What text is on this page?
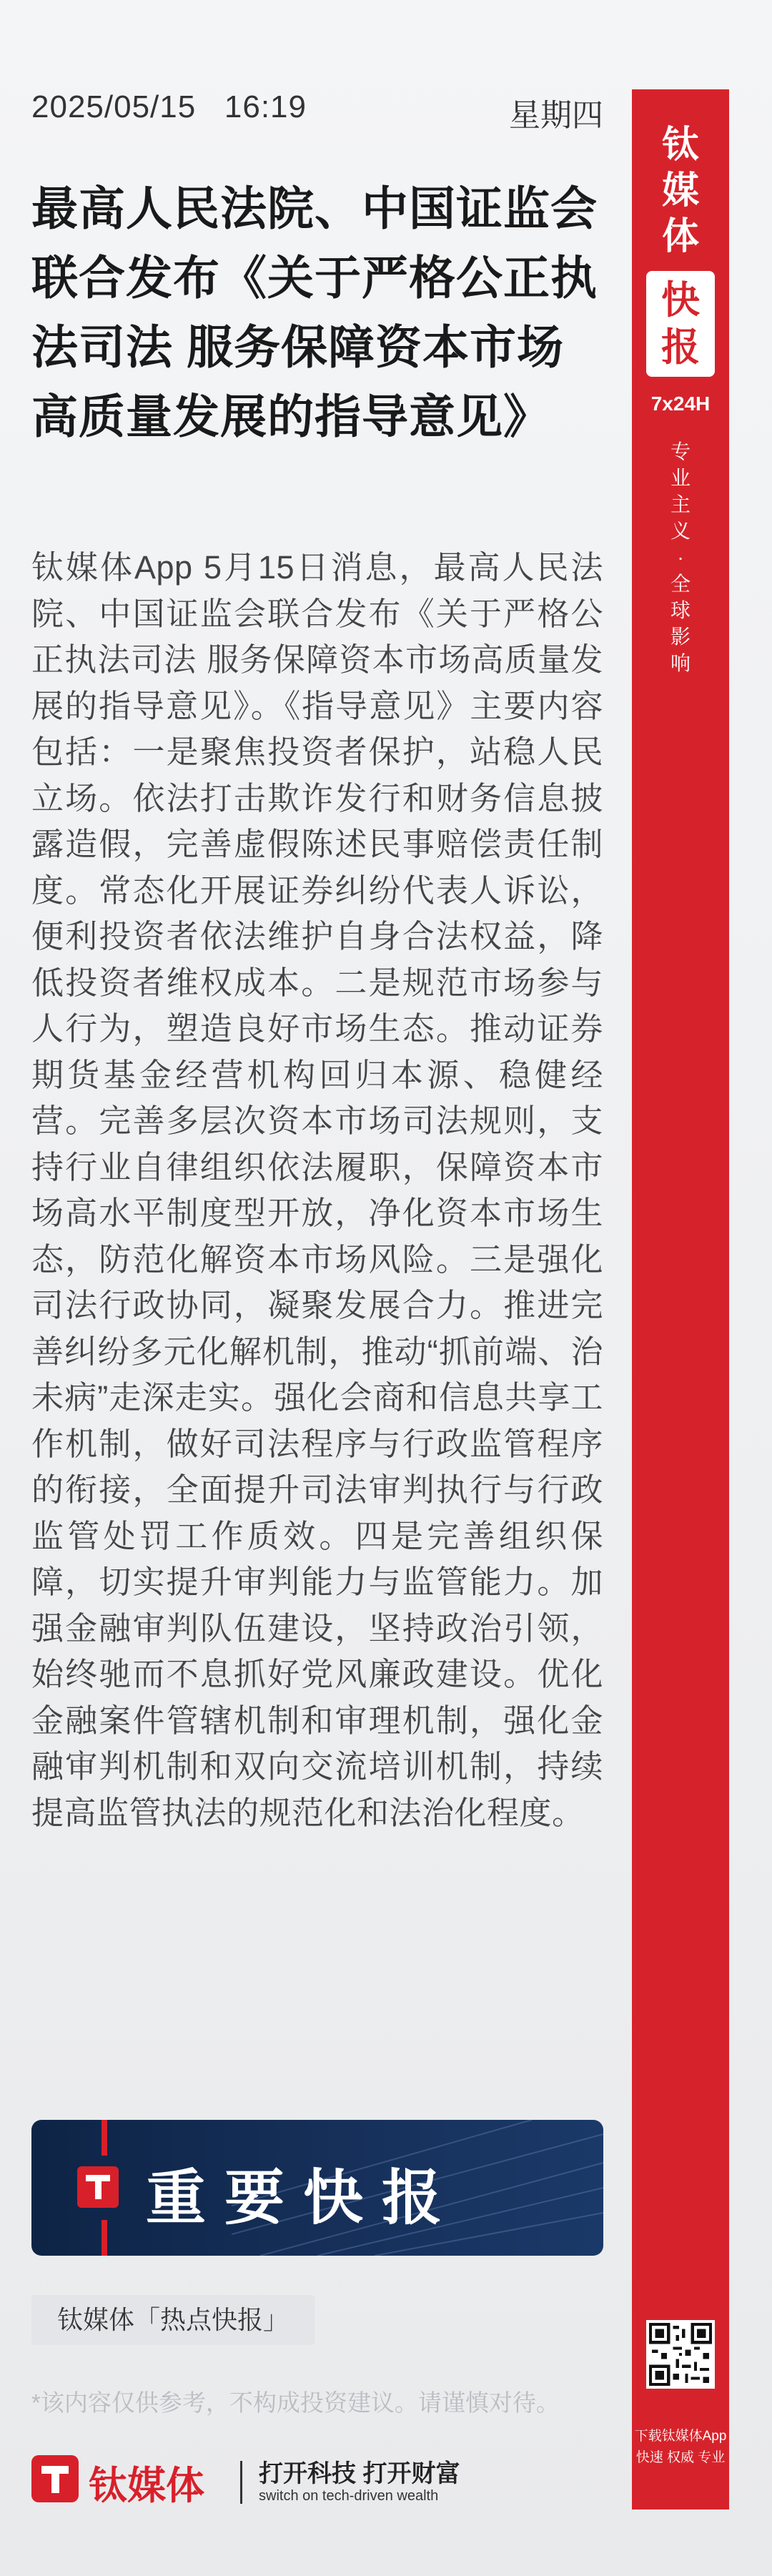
2025/05/15   16:19	星期四
最高人民法院、中国证监会联合发布《关于严格公正执法司法 服务保障资本市场高质量发展的指导意见》
钛媒体App 5月15日消息，最高人民法院、中国证监会联合发布《关于严格公正执法司法 服务保障资本市场高质量发展的指导意见》。《指导意见》主要内容包括：一是聚焦投资者保护，站稳人民立场。依法打击欺诈发行和财务信息披露造假，完善虚假陈述民事赔偿责任制度。常态化开展证券纠纷代表人诉讼，便利投资者依法维护自身合法权益，降低投资者维权成本。二是规范市场参与人行为，塑造良好市场生态。推动证券期货基金经营机构回归本源、稳健经营。完善多层次资本市场司法规则，支持行业自律组织依法履职，保障资本市场高水平制度型开放，净化资本市场生态，防范化解资本市场风险。三是强化司法行政协同，凝聚发展合力。推进完善纠纷多元化解机制，推动“抓前端、治未病”走深走实。强化会商和信息共享工作机制，做好司法程序与行政监管程序的衔接，全面提升司法审判执行与行政监管处罚工作质效。四是完善组织保障，切实提升审判能力与监管能力。加强金融审判队伍建设，坚持政治引领，始终驰而不息抓好党风廉政建设。优化金融案件管辖机制和审理机制，强化金融审判机制和双向交流培训机制，持续提高监管执法的规范化和法治化程度。
重要快报
钛媒体「热点快报」
*该内容仅供参考，不构成投资建议。请谨慎对待。
钛媒体 打开科技 打开财富
switch on tech-driven wealth
钛媒体
快报
7x24H
专业主义·全球影响
下载钛媒体App
快速 权威 专业
